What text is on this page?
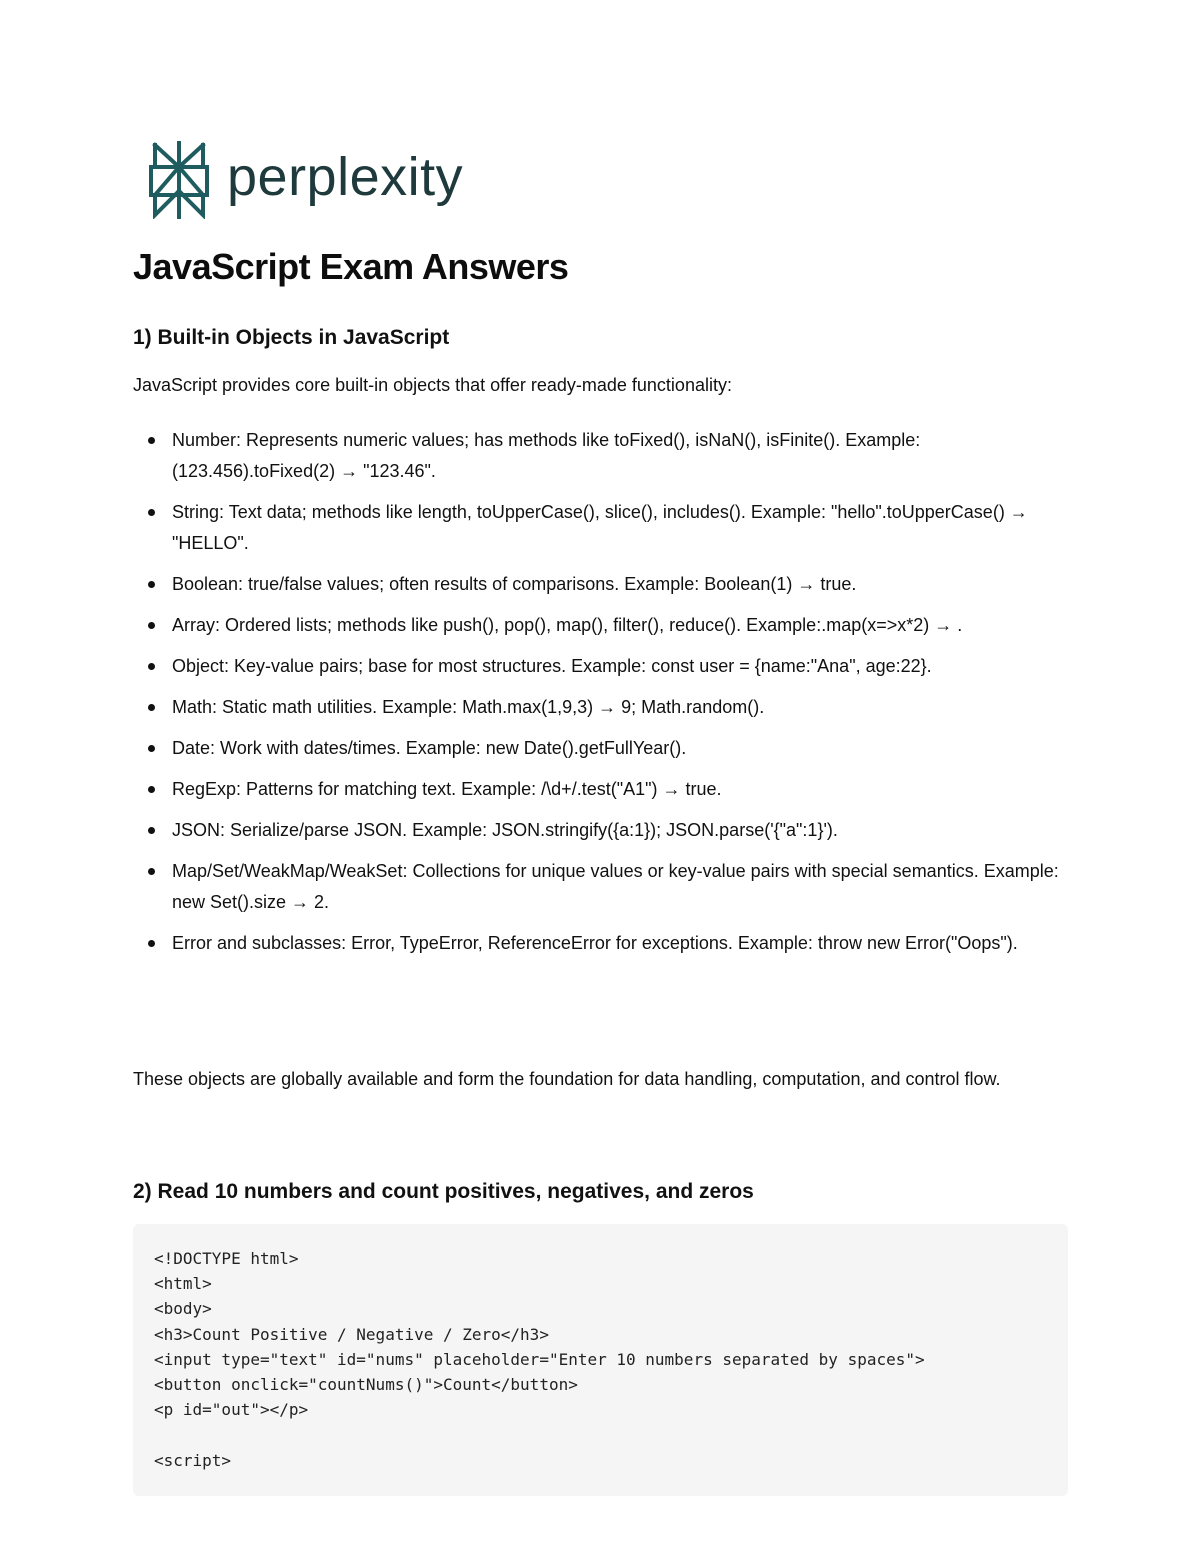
perplexity
JavaScript Exam Answers
1) Built-in Objects in JavaScript

JavaScript provides core built-in objects that offer ready-made functionality:

Number: Represents numeric values; has methods like toFixed(), isNaN(), isFinite(). Example: (123.456).toFixed(2) → "123.46".
String: Text data; methods like length, toUpperCase(), slice(), includes(). Example: "hello".toUpperCase() → "HELLO".
Boolean: true/false values; often results of comparisons. Example: Boolean(1) → true.
Array: Ordered lists; methods like push(), pop(), map(), filter(), reduce(). Example:.map(x=>x*2) → .
Object: Key-value pairs; base for most structures. Example: const user = {name:"Ana", age:22}.
Math: Static math utilities. Example: Math.max(1,9,3) → 9; Math.random().
Date: Work with dates/times. Example: new Date().getFullYear().
RegExp: Patterns for matching text. Example: /\d+/.test("A1") → true.
JSON: Serialize/parse JSON. Example: JSON.stringify({a:1}); JSON.parse('{"a":1}').
Map/Set/WeakMap/WeakSet: Collections for unique values or key-value pairs with special semantics. Example: new Set().size → 2.
Error and subclasses: Error, TypeError, ReferenceError for exceptions. Example: throw new Error("Oops").

These objects are globally available and form the foundation for data handling, computation, and control flow.

2) Read 10 numbers and count positives, negatives, and zeros
<!DOCTYPE html>
<html>
<body>
<h3>Count Positive / Negative / Zero</h3>
<input type="text" id="nums" placeholder="Enter 10 numbers separated by spaces">
<button onclick="countNums()">Count</button>
<p id="out"></p>
<script>
